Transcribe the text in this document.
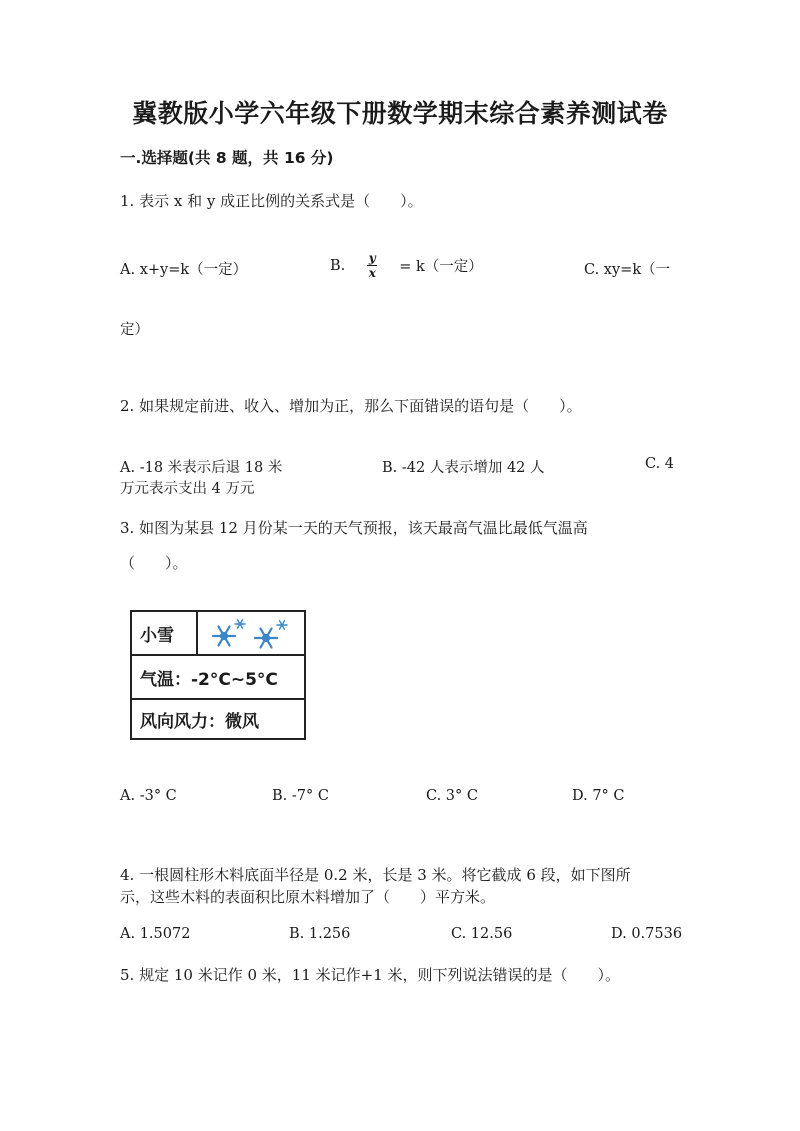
冀教版小学六年级下册数学期末综合素养测试卷
一.选择题(共 8 题，共 16 分)
1. 表示 x 和 y 成正比例的关系式是（　　）。
A. x+y=k（一定）	B. $\frac{y}{x} = k$（一定）	C. xy=k（一
定）
2. 如果规定前进、收入、增加为正，那么下面错误的语句是（　　）。
A. -18 米表示后退 18 米	B. -42 人表示增加 42 人	C. 4
万元表示支出 4 万元
3. 如图为某县 12 月份某一天的天气预报，该天最高气温比最低气温高
（　　）。
小雪
气温：-2°C~5°C
风向风力：微风
A. -3° C	B. -7° C	C. 3° C	D. 7° C
4. 一根圆柱形木料底面半径是 0.2 米，长是 3 米。将它截成 6 段，如下图所
示，这些木料的表面积比原木料增加了（　　）平方米。
A. 1.5072	B. 1.256	C. 12.56	D. 0.7536
5. 规定 10 米记作 0 米，11 米记作+1 米，则下列说法错误的是（　　）。
